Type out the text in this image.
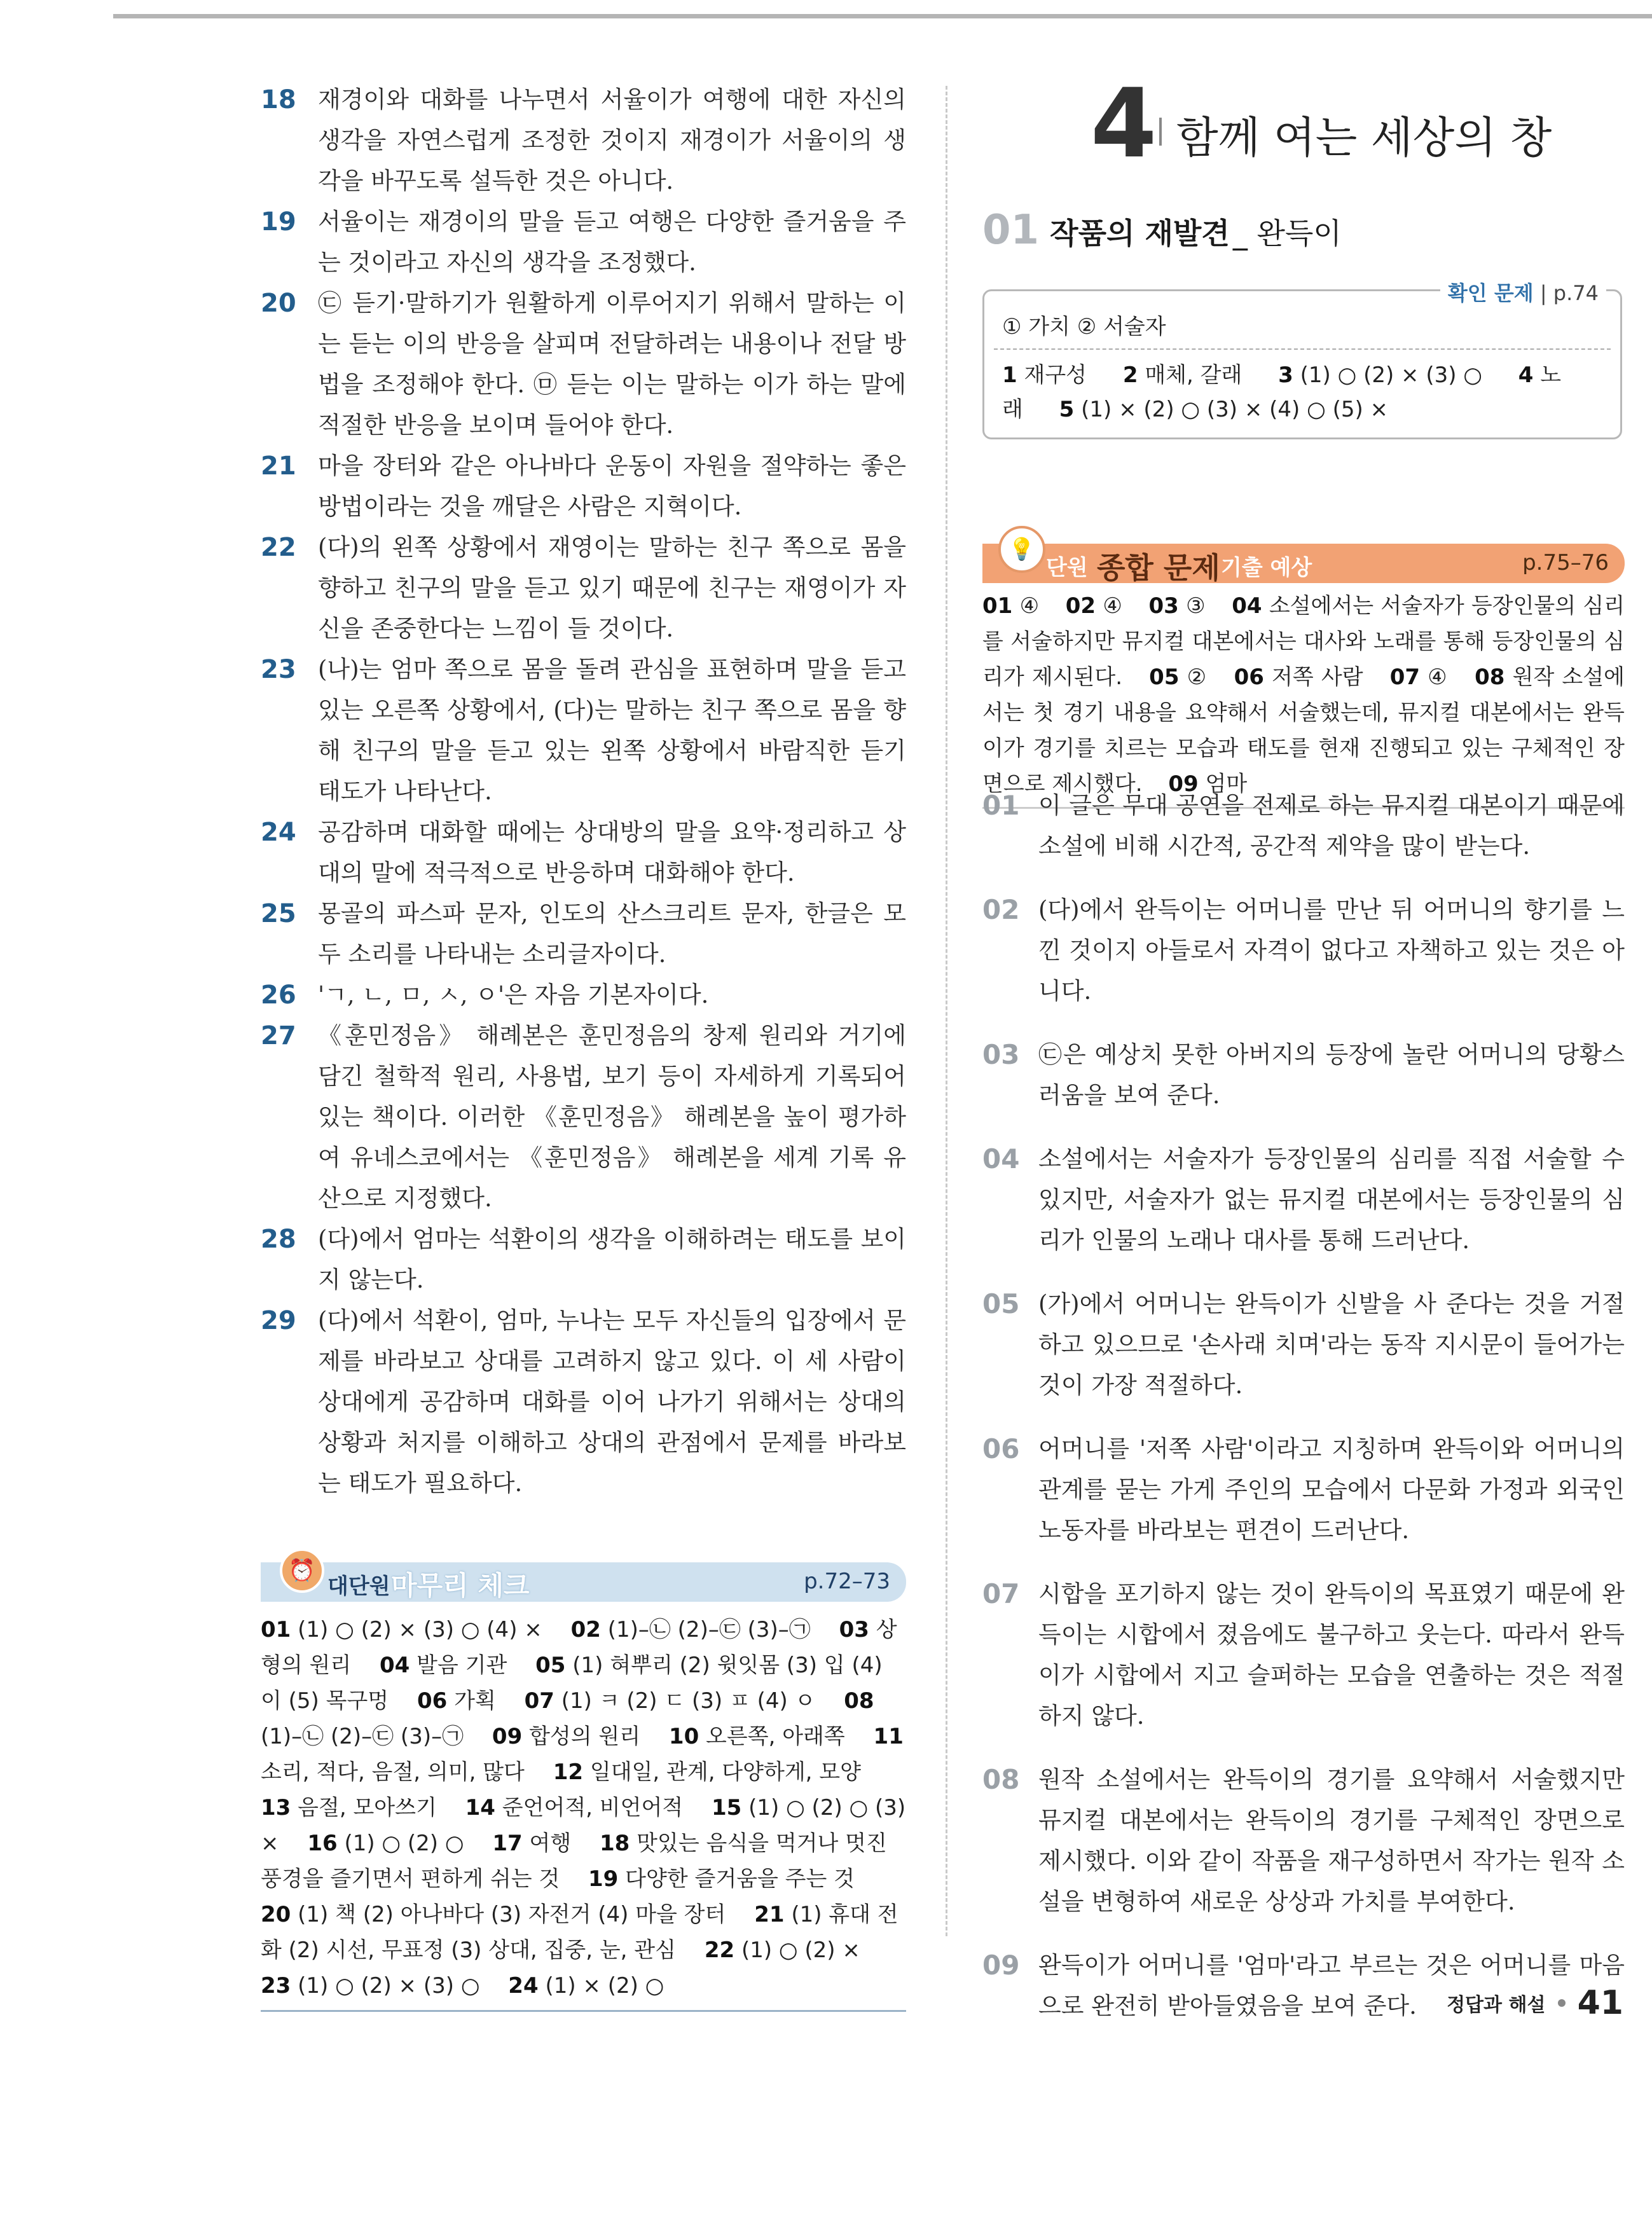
18 재경이와 대화를 나누면서 서율이가 여행에 대한 자신의 생각을 자연스럽게 조정한 것이지 재경이가 서율이의 생각을 바꾸도록 설득한 것은 아니다.
19 서율이는 재경이의 말을 듣고 여행은 다양한 즐거움을 주는 것이라고 자신의 생각을 조정했다.
20 ㉢ 듣기·말하기가 원활하게 이루어지기 위해서 말하는 이는 듣는 이의 반응을 살피며 전달하려는 내용이나 전달 방법을 조정해야 한다. ㉤ 듣는 이는 말하는 이가 하는 말에 적절한 반응을 보이며 들어야 한다.
21 마을 장터와 같은 아나바다 운동이 자원을 절약하는 좋은 방법이라는 것을 깨달은 사람은 지혁이다.
22 (다)의 왼쪽 상황에서 재영이는 말하는 친구 쪽으로 몸을 향하고 친구의 말을 듣고 있기 때문에 친구는 재영이가 자신을 존중한다는 느낌이 들 것이다.
23 (나)는 엄마 쪽으로 몸을 돌려 관심을 표현하며 말을 듣고 있는 오른쪽 상황에서, (다)는 말하는 친구 쪽으로 몸을 향해 친구의 말을 듣고 있는 왼쪽 상황에서 바람직한 듣기 태도가 나타난다.
24 공감하며 대화할 때에는 상대방의 말을 요약·정리하고 상대의 말에 적극적으로 반응하며 대화해야 한다.
25 몽골의 파스파 문자, 인도의 산스크리트 문자, 한글은 모두 소리를 나타내는 소리글자이다.
26 'ㄱ, ㄴ, ㅁ, ㅅ, ㅇ'은 자음 기본자이다.
27 《훈민정음》 해례본은 훈민정음의 창제 원리와 거기에 담긴 철학적 원리, 사용법, 보기 등이 자세하게 기록되어 있는 책이다. 이러한 《훈민정음》 해례본을 높이 평가하여 유네스코에서는 《훈민정음》 해례본을 세계 기록 유산으로 지정했다.
28 (다)에서 엄마는 석환이의 생각을 이해하려는 태도를 보이지 않는다.
29 (다)에서 석환이, 엄마, 누나는 모두 자신들의 입장에서 문제를 바라보고 상대를 고려하지 않고 있다. 이 세 사람이 상대에게 공감하며 대화를 이어 나가기 위해서는 상대의 상황과 처지를 이해하고 상대의 관점에서 문제를 바라보는 태도가 필요하다.
⏰
대단원 마무리 체크	p.72–73
01 (1) ○ (2) × (3) ○ (4) × 02 (1)–㉡ (2)–㉢ (3)–㉠ 03 상형의 원리 04 발음 기관 05 (1) 혀뿌리 (2) 윗잇몸 (3) 입 (4) 이 (5) 목구멍 06 가획 07 (1) ㅋ (2) ㄷ (3) ㅍ (4) ㅇ 08 (1)–㉡ (2)–㉢ (3)–㉠ 09 합성의 원리 10 오른쪽, 아래쪽 11 소리, 적다, 음절, 의미, 많다 12 일대일, 관계, 다양하게, 모양 13 음절, 모아쓰기 14 준언어적, 비언어적 15 (1) ○ (2) ○ (3) × 16 (1) ○ (2) ○ 17 여행 18 맛있는 음식을 먹거나 멋진 풍경을 즐기면서 편하게 쉬는 것 19 다양한 즐거움을 주는 것 20 (1) 책 (2) 아나바다 (3) 자전거 (4) 마을 장터 21 (1) 휴대 전화 (2) 시선, 무표정 (3) 상대, 집중, 눈, 관심 22 (1) ○ (2) × 23 (1) ○ (2) × (3) ○ 24 (1) × (2) ○
4 함께 여는 세상의 창
01 작품의 재발견 _ 완득이
확인 문제 | p.74
① 가치 ② 서술자
1 재구성 2 매체, 갈래 3 (1) ○ (2) × (3) ○ 4 노래 5 (1) × (2) ○ (3) × (4) ○ (5) ×
💡
단원 종합 문제 기출 예상	p.75–76
01 ④ 02 ④ 03 ③ 04 소설에서는 서술자가 등장인물의 심리를 서술하지만 뮤지컬 대본에서는 대사와 노래를 통해 등장인물의 심리가 제시된다. 05 ② 06 저쪽 사람 07 ④ 08 원작 소설에서는 첫 경기 내용을 요약해서 서술했는데, 뮤지컬 대본에서는 완득이가 경기를 치르는 모습과 태도를 현재 진행되고 있는 구체적인 장면으로 제시했다. 09 엄마
01 이 글은 무대 공연을 전제로 하는 뮤지컬 대본이기 때문에 소설에 비해 시간적, 공간적 제약을 많이 받는다.
02 (다)에서 완득이는 어머니를 만난 뒤 어머니의 향기를 느낀 것이지 아들로서 자격이 없다고 자책하고 있는 것은 아니다.
03 ㉢은 예상치 못한 아버지의 등장에 놀란 어머니의 당황스러움을 보여 준다.
04 소설에서는 서술자가 등장인물의 심리를 직접 서술할 수 있지만, 서술자가 없는 뮤지컬 대본에서는 등장인물의 심리가 인물의 노래나 대사를 통해 드러난다.
05 (가)에서 어머니는 완득이가 신발을 사 준다는 것을 거절하고 있으므로 '손사래 치며'라는 동작 지시문이 들어가는 것이 가장 적절하다.
06 어머니를 '저쪽 사람'이라고 지칭하며 완득이와 어머니의 관계를 묻는 가게 주인의 모습에서 다문화 가정과 외국인 노동자를 바라보는 편견이 드러난다.
07 시합을 포기하지 않는 것이 완득이의 목표였기 때문에 완득이는 시합에서 졌음에도 불구하고 웃는다. 따라서 완득이가 시합에서 지고 슬퍼하는 모습을 연출하는 것은 적절하지 않다.
08 원작 소설에서는 완득이의 경기를 요약해서 서술했지만 뮤지컬 대본에서는 완득이의 경기를 구체적인 장면으로 제시했다. 이와 같이 작품을 재구성하면서 작가는 원작 소설을 변형하여 새로운 상상과 가치를 부여한다.
09 완득이가 어머니를 '엄마'라고 부르는 것은 어머니를 마음으로 완전히 받아들였음을 보여 준다.	정답과 해설 41
